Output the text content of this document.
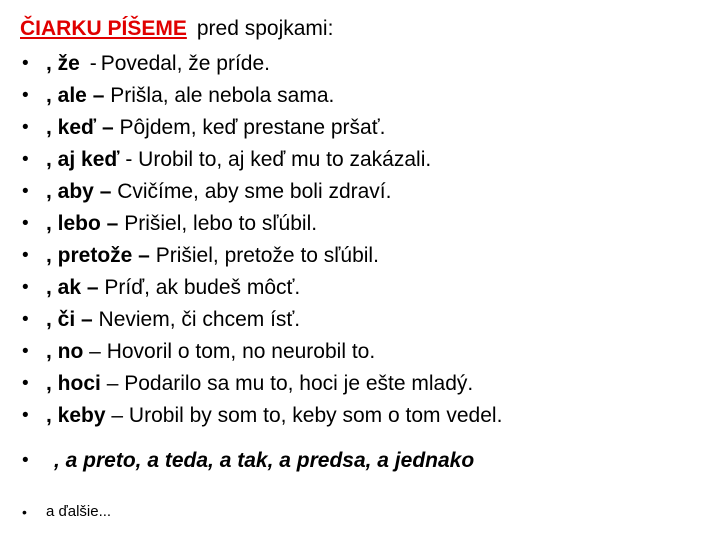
ČIARKU PÍŠEME pred spojkami:
• , že - Povedal, že príde.
• , ale – Prišla, ale nebola sama.
• , keď – Pôjdem, keď prestane pršať.
• , aj keď - Urobil to, aj keď mu to zakázali.
• , aby – Cvičíme, aby sme boli zdraví.
• , lebo – Prišiel, lebo to sľúbil.
• , pretože – Prišiel, pretože to sľúbil.
• , ak – Príď, ak budeš môcť.
• , či – Neviem, či chcem ísť.
• , no – Hovoril o tom, no neurobil to.
• , hoci – Podarilo sa mu to, hoci je ešte mladý.
• , keby – Urobil by som to, keby som o tom vedel.
• , a preto, a teda, a tak, a predsa, a jednako
• a ďalšie...
